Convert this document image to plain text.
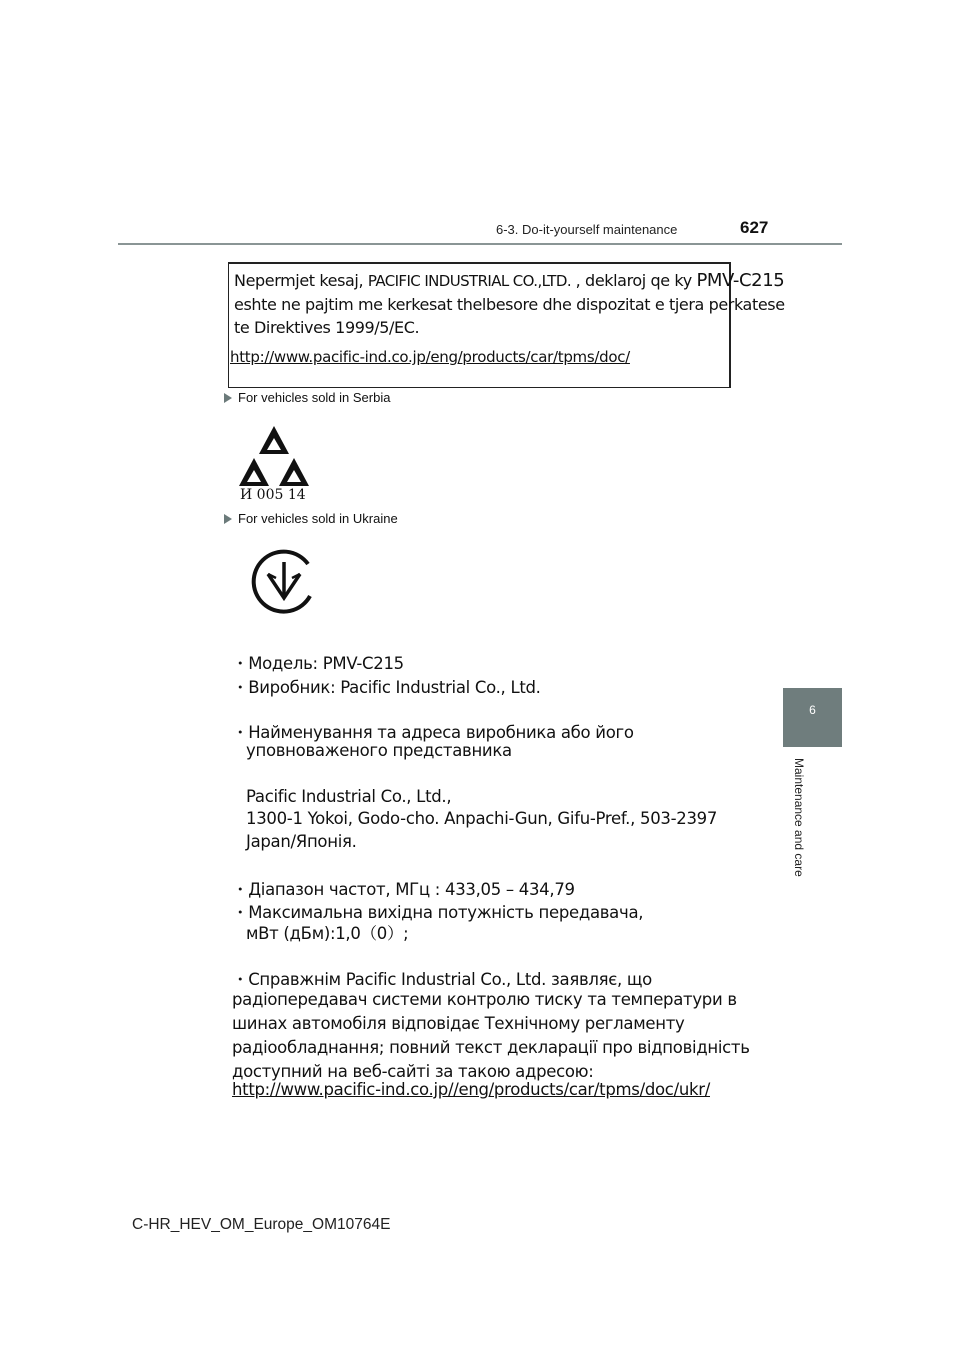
6-3. Do-it-yourself maintenance	627
6
Maintenance and care
Nepermjet kesaj, PACIFIC INDUSTRIAL CO.,LTD. , deklaroj qe ky PMV-C215
eshte ne pajtim me kerkesat thelbesore dhe dispozitat e tjera perkatese
te Direktives 1999/5/EC.
http://www.pacific-ind.co.jp/eng/products/car/tpms/doc/
For vehicles sold in Serbia
И 005 14
For vehicles sold in Ukraine
・Модель: PMV-C215
・Виробник: Pacific Industrial Co., Ltd.
・Найменування та адреса виробника або його
уповноваженого представника
Pacific Industrial Co., Ltd.,
1300-1 Yokoi, Godo-cho. Anpachi-Gun, Gifu-Pref., 503-2397
Japan/Японія.
・Діапазон частот, МГц : 433,05 – 434,79
・Максимальна вихідна потужність передавача,
мВт (дБм):1,0（0）;
・Справжнім Pacific Industrial Co., Ltd. заявляє, що
радіопередавач системи контролю тиску та температури в
шинах автомобіля відповідає Технічному регламенту
радіообладнання; повний текст декларації про відповідність
доступний на веб-сайті за такою адресою:
http://www.pacific-ind.co.jp//eng/products/car/tpms/doc/ukr/
C-HR_HEV_OM_Europe_OM10764E
